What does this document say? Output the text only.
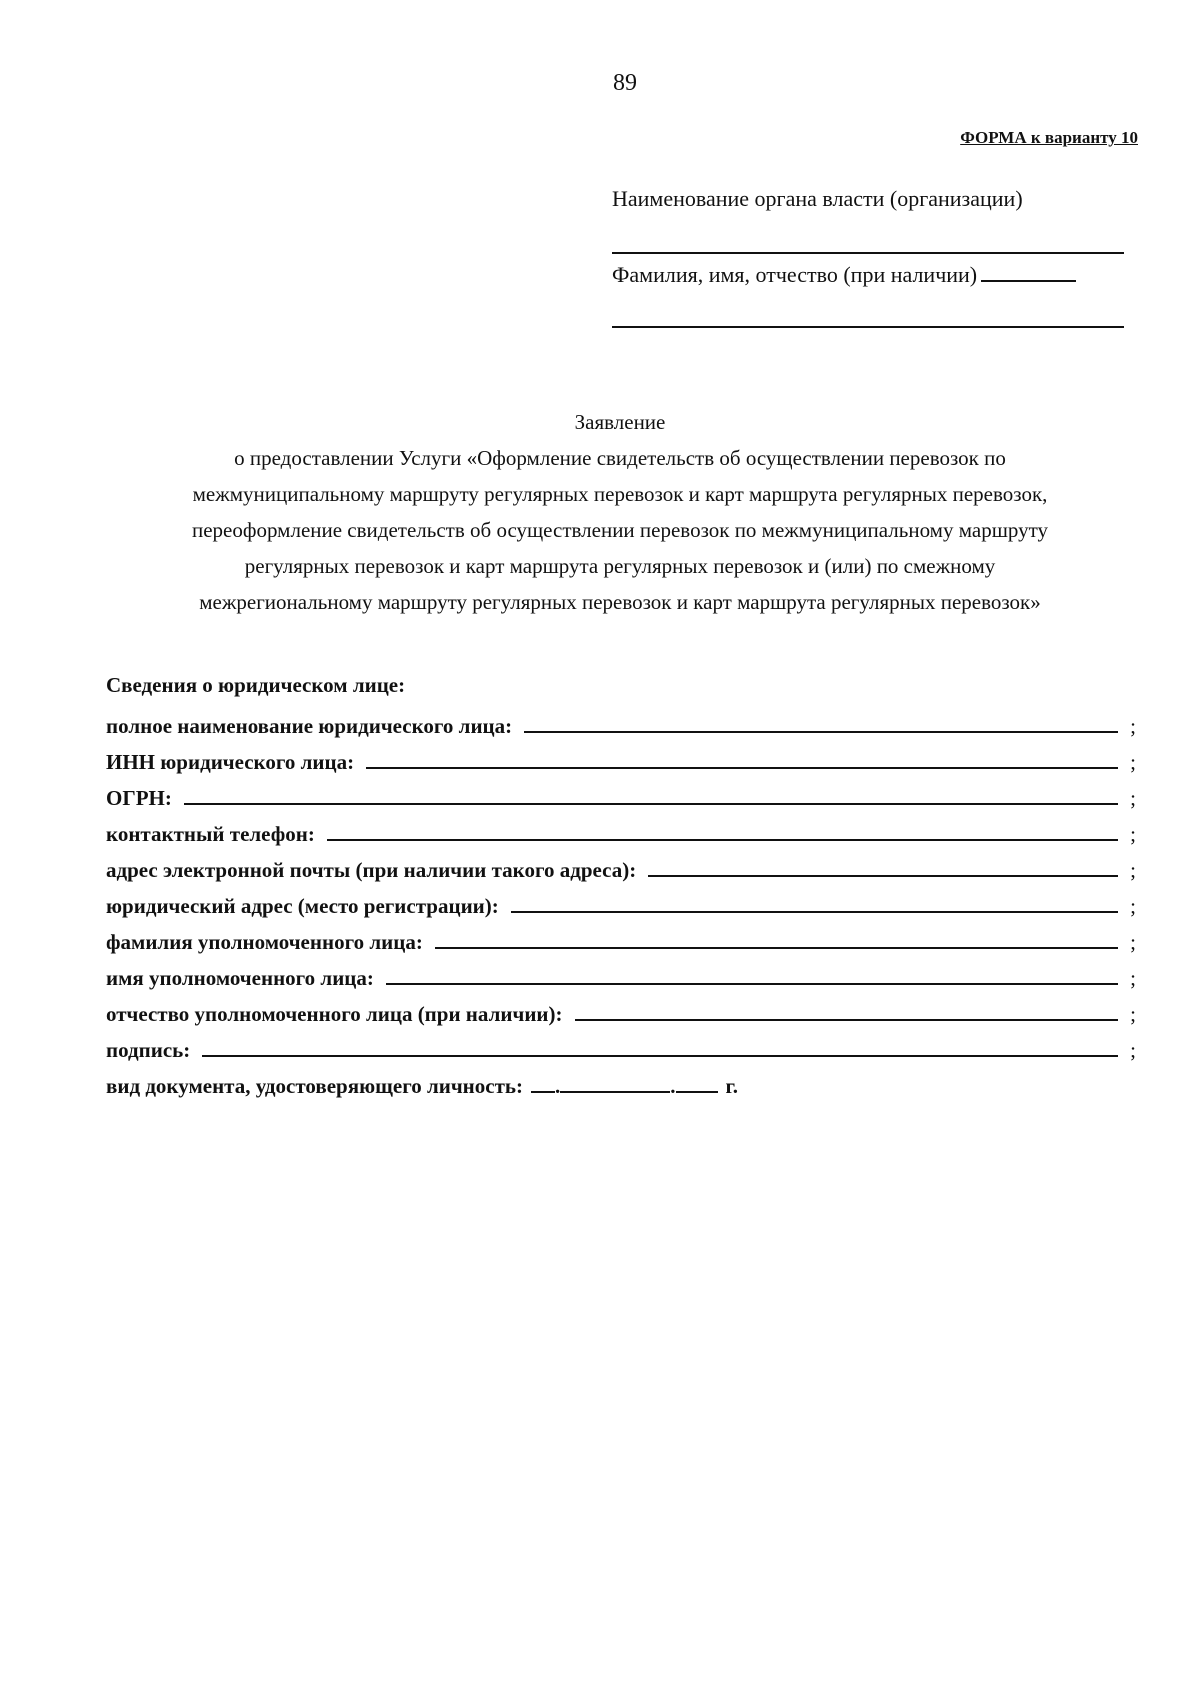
89
ФОРМА к варианту 10
Наименование органа власти (организации)
Фамилия, имя, отчество (при наличии)
Заявление
о предоставлении Услуги «Оформление свидетельств об осуществлении перевозок по
межмуниципальному маршруту регулярных перевозок и карт маршрута регулярных перевозок,
переоформление свидетельств об осуществлении перевозок по межмуниципальному маршруту
регулярных перевозок и карт маршрута регулярных перевозок и (или) по смежному
межрегиональному маршруту регулярных перевозок и карт маршрута регулярных перевозок»
Сведения о юридическом лице:
полное наименование юридического лица:	;
ИНН юридического лица:	;
ОГРН:	;
контактный телефон:	;
адрес электронной почты (при наличии такого адреса):	;
юридический адрес (место регистрации):	;
фамилия уполномоченного лица:	;
имя уполномоченного лица:	;
отчество уполномоченного лица (при наличии):	;
подпись:	;
вид документа, удостоверяющего личность:	.	.	г.
